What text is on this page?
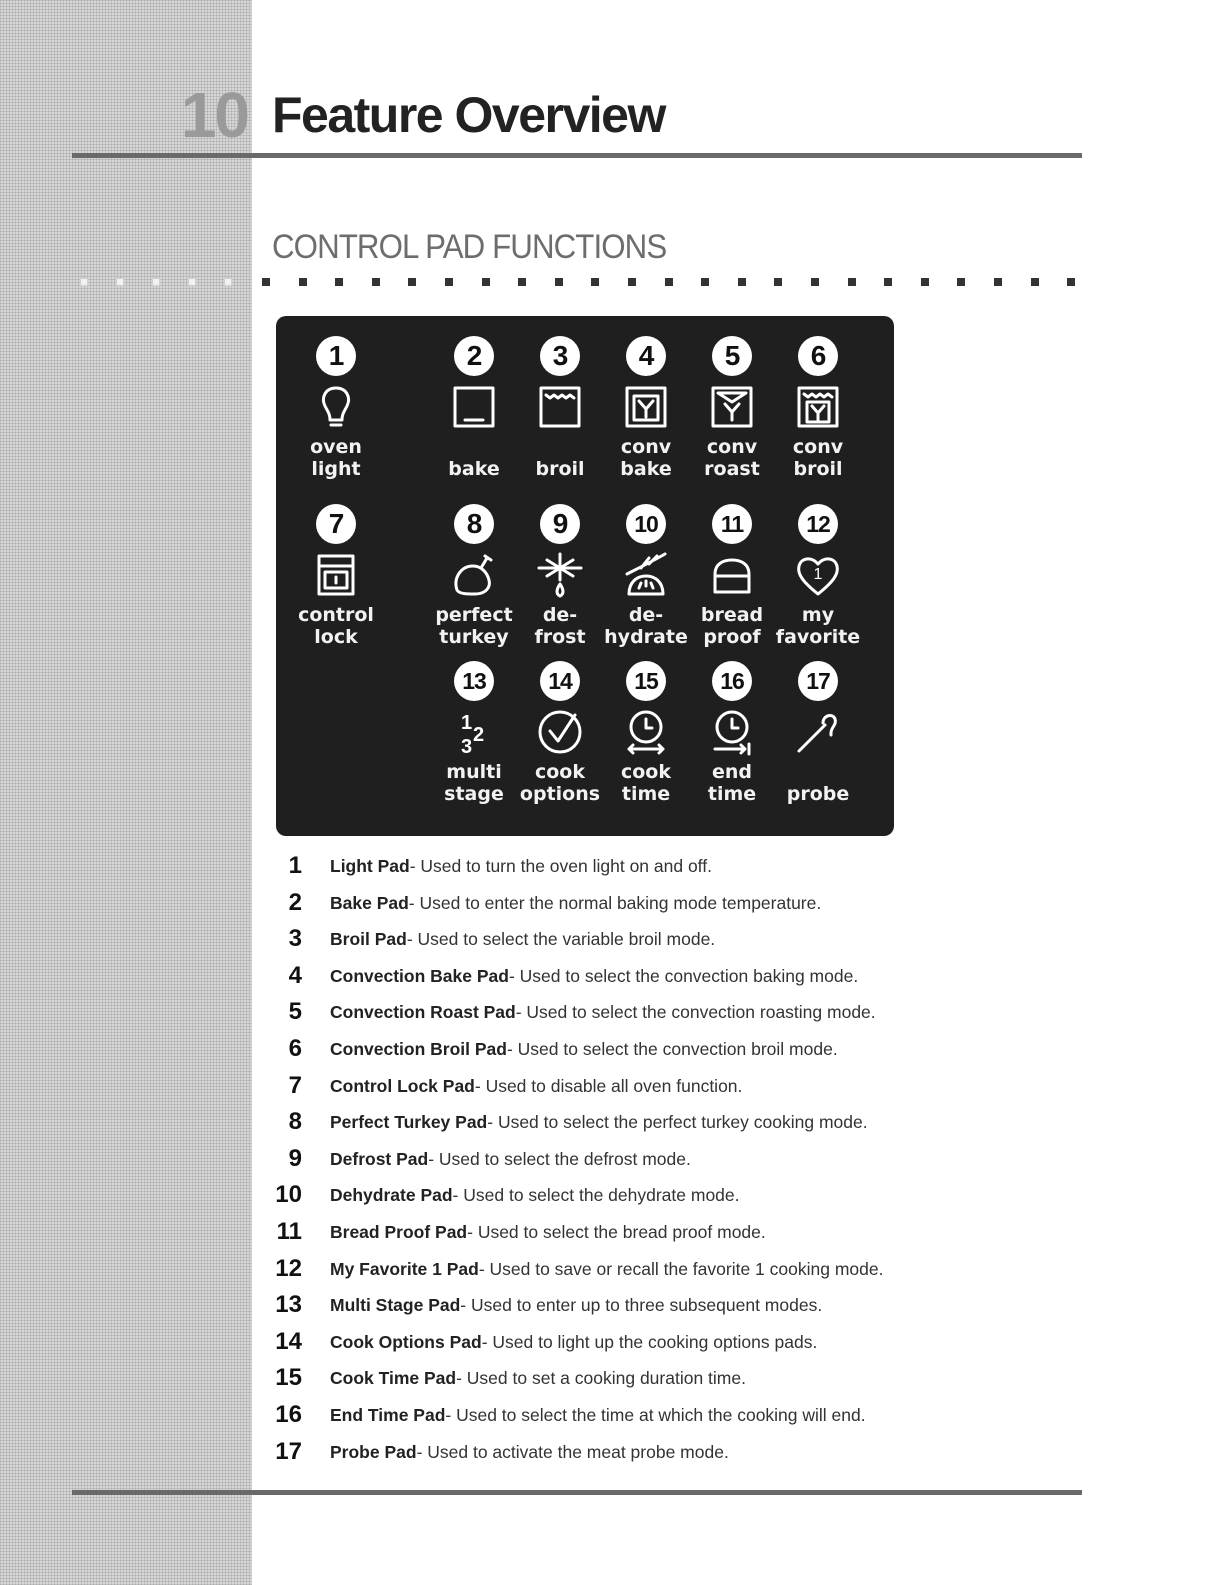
10 Feature Overview
CONTROL PAD FUNCTIONS
1
oven
light
2
bake
3
broil
4
conv
bake
5
conv
roast
6
conv
broil
7
control
lock
8
perfect
turkey
9
de-
frost
10
de-
hydrate
11
bread
proof
12
1
my
favorite
13
1
2
3
multi
stage
14
cook
options
15
cook
time
16
end
time
17
probe
1 Light Pad- Used to turn the oven light on and off.
2 Bake Pad- Used to enter the normal baking mode temperature.
3 Broil Pad- Used to select the variable broil mode.
4 Convection Bake Pad- Used to select the convection baking mode.
5 Convection Roast Pad- Used to select the convection roasting mode.
6 Convection Broil Pad- Used to select the convection broil mode.
7 Control Lock Pad- Used to disable all oven function.
8 Perfect Turkey Pad- Used to select the perfect turkey cooking mode.
9 Defrost Pad- Used to select the defrost mode.
10 Dehydrate Pad- Used to select the dehydrate mode.
11 Bread Proof Pad- Used to select the bread proof mode.
12 My Favorite 1 Pad- Used to save or recall the favorite 1 cooking mode.
13 Multi Stage Pad- Used to enter up to three subsequent modes.
14 Cook Options Pad- Used to light up the cooking options pads.
15 Cook Time Pad- Used to set a cooking duration time.
16 End Time Pad- Used to select the time at which the cooking will end.
17 Probe Pad- Used to activate the meat probe mode.
